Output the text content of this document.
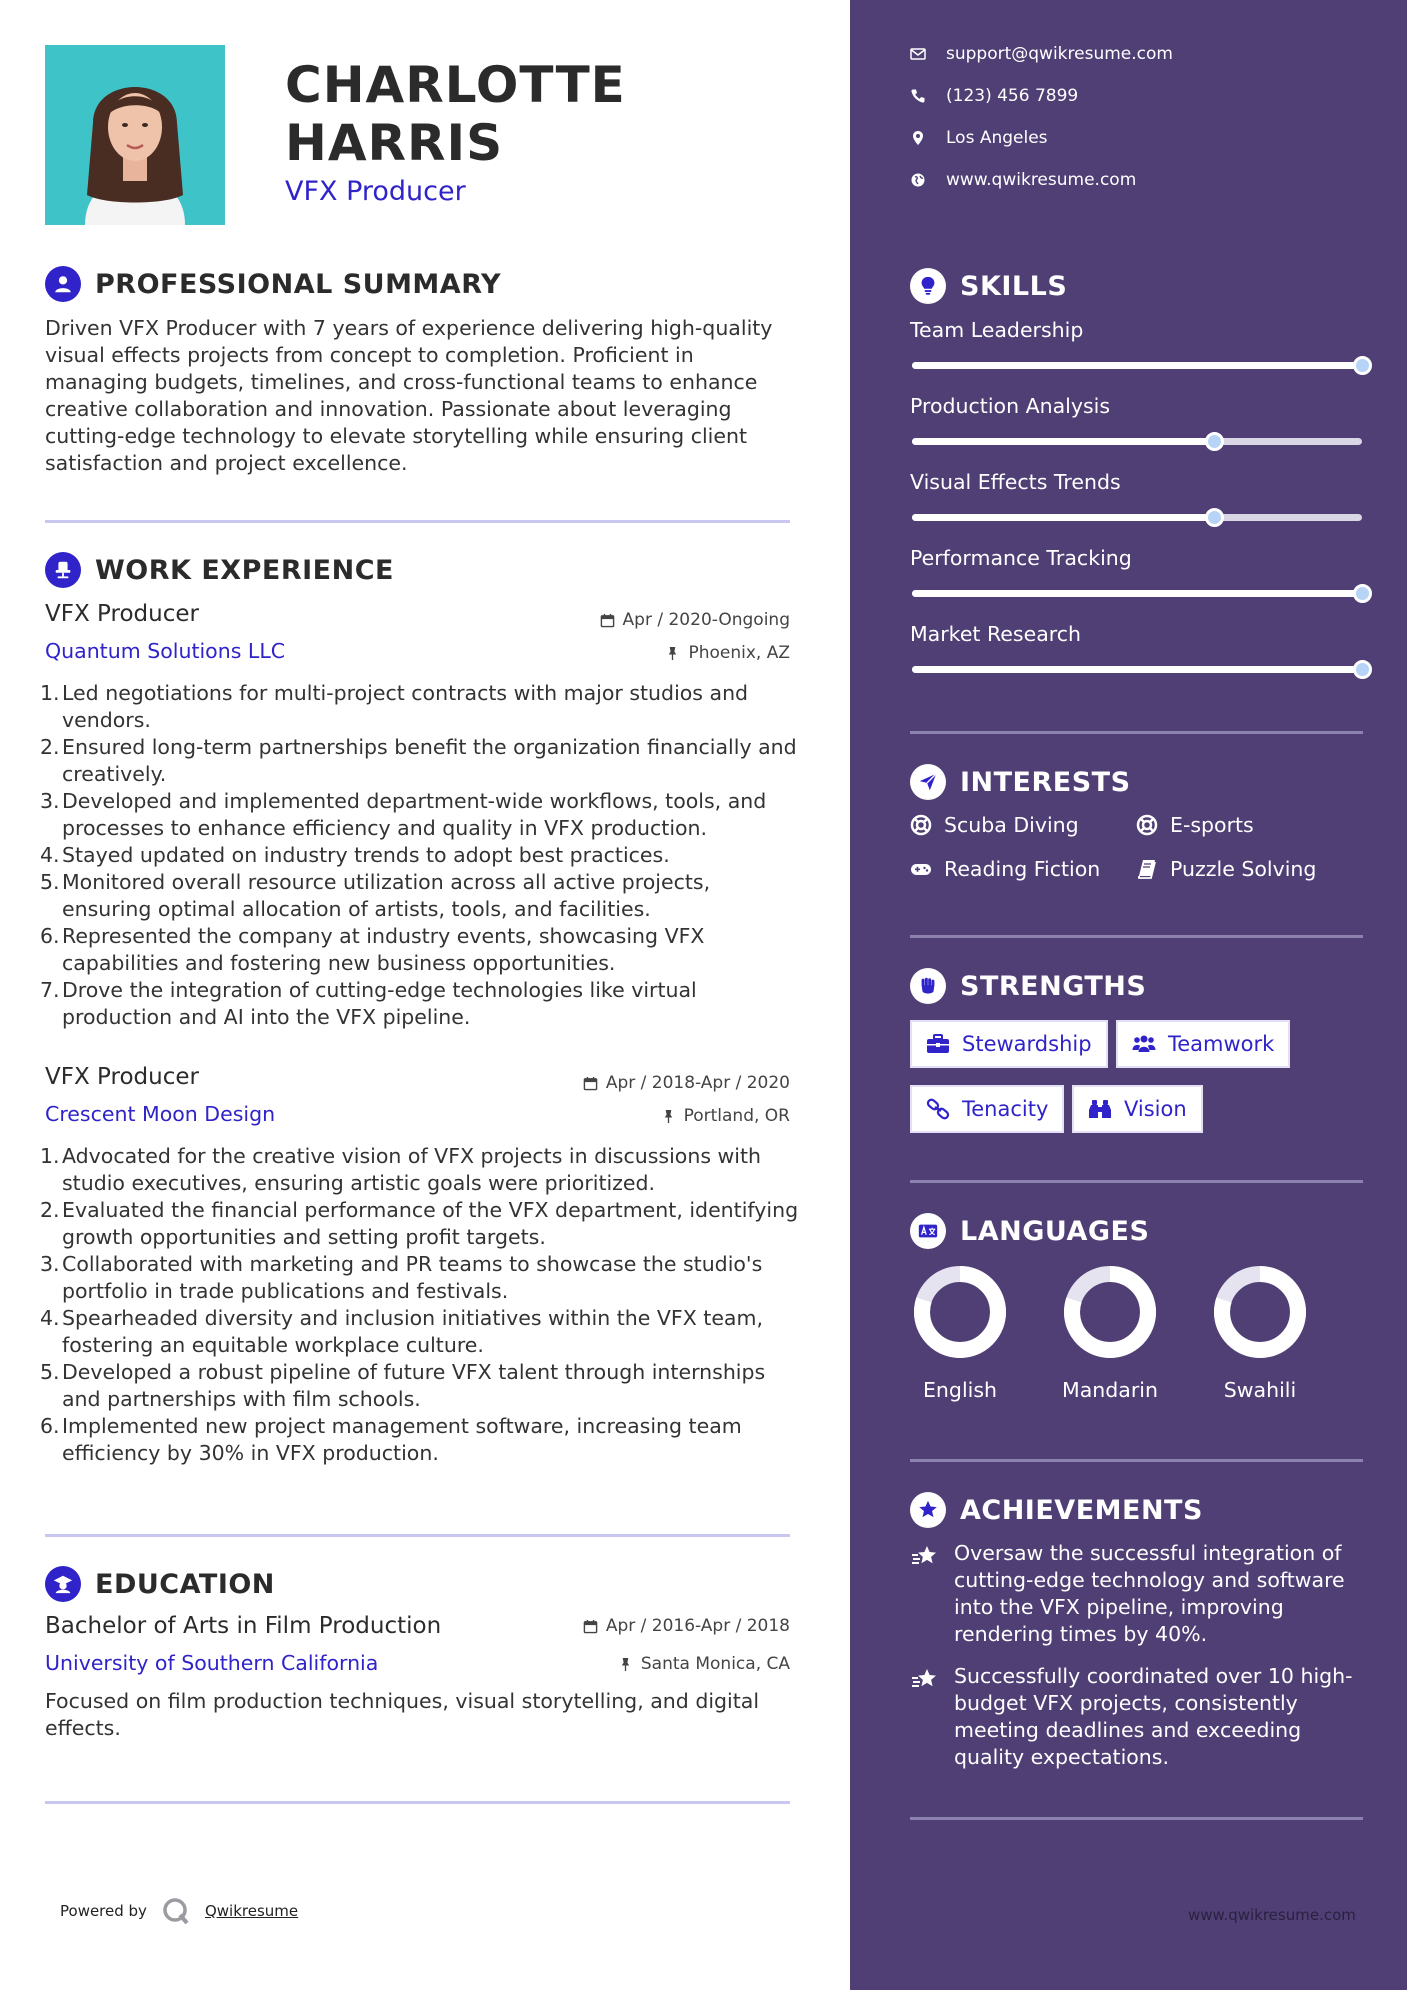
CHARLOTTE
HARRIS
VFX Producer
PROFESSIONAL SUMMARY
Driven VFX Producer with 7 years of experience delivering high-quality visual effects projects from concept to completion. Proficient in managing budgets, timelines, and cross-functional teams to enhance creative collaboration and innovation. Passionate about leveraging cutting-edge technology to elevate storytelling while ensuring client satisfaction and project excellence.
WORK EXPERIENCE
VFX Producer	Apr / 2020-Ongoing
Quantum Solutions LLC	Phoenix, AZ
1. Led negotiations for multi-project contracts with major studios and vendors.
2. Ensured long-term partnerships benefit the organization financially and creatively.
3. Developed and implemented department-wide workflows, tools, and processes to enhance efficiency and quality in VFX production.
4. Stayed updated on industry trends to adopt best practices.
5. Monitored overall resource utilization across all active projects, ensuring optimal allocation of artists, tools, and facilities.
6. Represented the company at industry events, showcasing VFX capabilities and fostering new business opportunities.
7. Drove the integration of cutting-edge technologies like virtual production and AI into the VFX pipeline.
VFX Producer	Apr / 2018-Apr / 2020
Crescent Moon Design	Portland, OR
1. Advocated for the creative vision of VFX projects in discussions with studio executives, ensuring artistic goals were prioritized.
2. Evaluated the financial performance of the VFX department, identifying growth opportunities and setting profit targets.
3. Collaborated with marketing and PR teams to showcase the studio's portfolio in trade publications and festivals.
4. Spearheaded diversity and inclusion initiatives within the VFX team, fostering an equitable workplace culture.
5. Developed a robust pipeline of future VFX talent through internships and partnerships with film schools.
6. Implemented new project management software, increasing team efficiency by 30% in VFX production.
EDUCATION
Bachelor of Arts in Film Production	Apr / 2016-Apr / 2018
University of Southern California	Santa Monica, CA
Focused on film production techniques, visual storytelling, and digital effects.
Powered by	Qwikresume
support@qwikresume.com
(123) 456 7899
Los Angeles
www.qwikresume.com
SKILLS
Team Leadership
Production Analysis
Visual Effects Trends
Performance Tracking
Market Research
INTERESTS
Scuba Diving	E-sports
Reading Fiction	Puzzle Solving
STRENGTHS
Stewardship	Teamwork
Tenacity	Vision
LANGUAGES
English	Mandarin	Swahili
ACHIEVEMENTS
Oversaw the successful integration of cutting-edge technology and software into the VFX pipeline, improving rendering times by 40%.
Successfully coordinated over 10 high-budget VFX projects, consistently meeting deadlines and exceeding quality expectations.
www.qwikresume.com
